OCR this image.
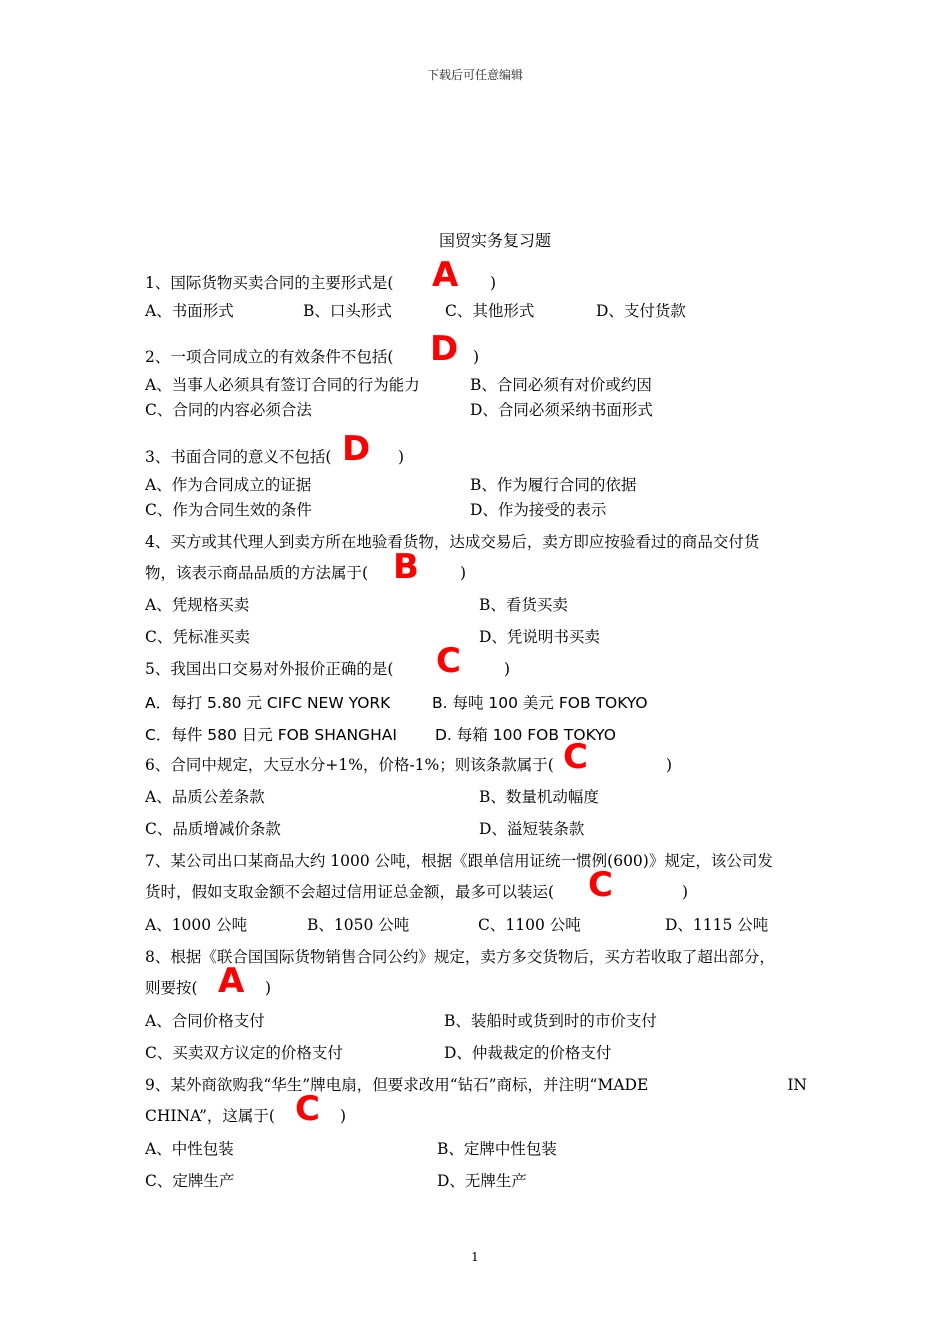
下载后可任意编辑
国贸实务复习题
1、国际货物买卖合同的主要形式是( A )
A、书面形式	B、口头形式	C、其他形式	D、支付货款
2、一项合同成立的有效条件不包括( D )
A、当事人必须具有签订合同的行为能力	B、合同必须有对价或约因
C、合同的内容必须合法	D、合同必须采纳书面形式
3、书面合同的意义不包括( D )
A、作为合同成立的证据	B、作为履行合同的依据
C、作为合同生效的条件	D、作为接受的表示
4、买方或其代理人到卖方所在地验看货物，达成交易后，卖方即应按验看过的商品交付货
物，该表示商品品质的方法属于( B	)
A、凭规格买卖	B、看货买卖
C、凭标准买卖	D、凭说明书买卖
5、我国出口交易对外报价正确的是( C	)
A．每打 5.80 元 CIFC NEW YORK	B. 每吨 100 美元 FOB TOKYO
C．每件 580 日元 FOB SHANGHAI D. 每箱 100 FOB TOKYO
6、合同中规定，大豆水分+1%，价格-1%；则该条款属于( C	)
A、品质公差条款	B、数量机动幅度
C、品质增减价条款	D、溢短装条款
7、某公司出口某商品大约 1000 公吨，根据《跟单信用证统一惯例(600)》规定，该公司发
货时，假如支取金额不会超过信用证总金额，最多可以装运( C	)
A、1000 公吨	B、1050 公吨	C、1100 公吨	D、1115 公吨
8、根据《联合国国际货物销售合同公约》规定，卖方多交货物后，买方若收取了超出部分，
则要按( A )
A、合同价格支付	B、装船时或货到时的市价支付
C、买卖双方议定的价格支付	D、仲裁裁定的价格支付
9、某外商欲购我“华生”牌电扇，但要求改用“钻石”商标，并注明“MADE	IN
CHINA”，这属于( C )
A、中性包装	B、定牌中性包装
C、定牌生产	D、无牌生产
1
